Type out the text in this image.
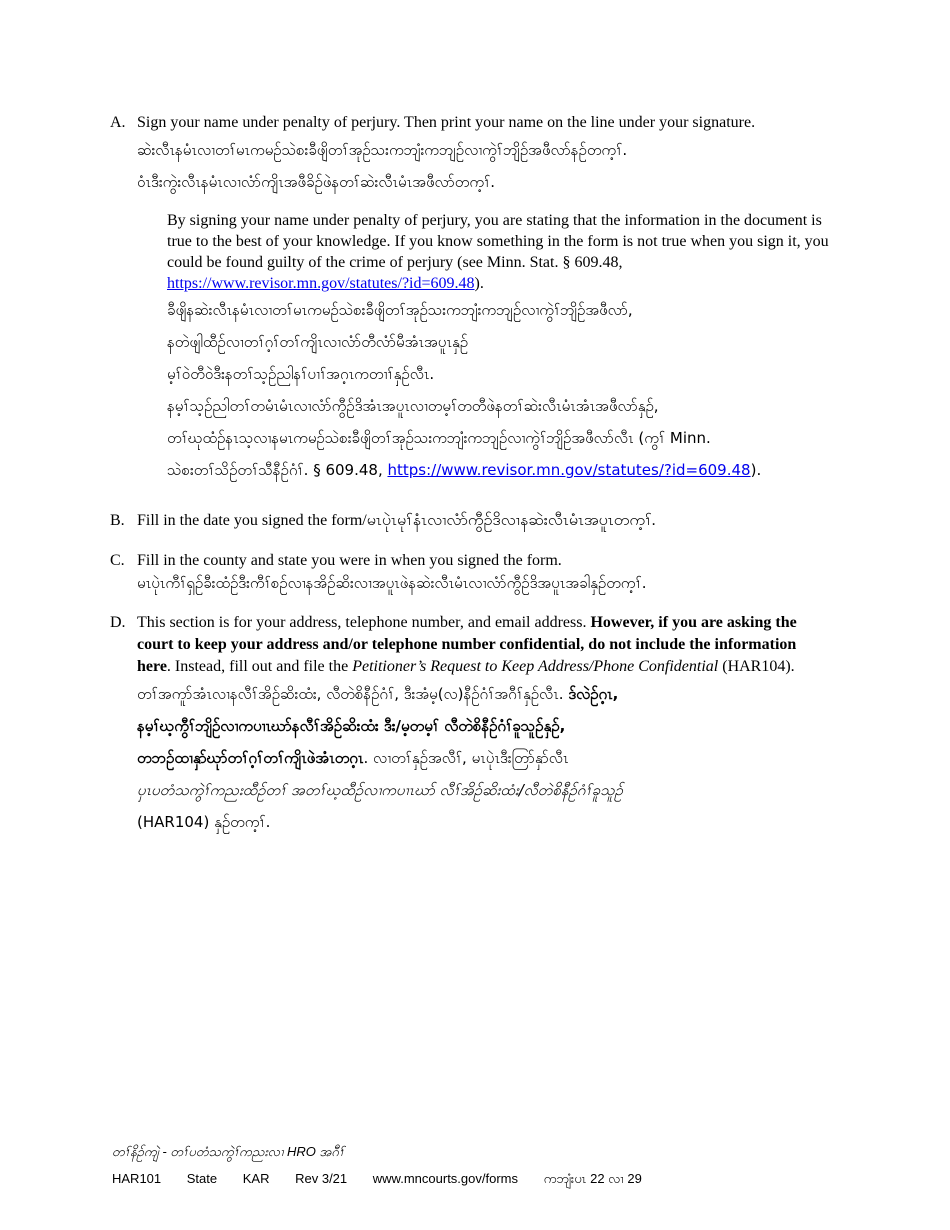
A. Sign your name under penalty of perjury. Then print your name on the line under your signature.

ဆဲးလီၤနမံၤလၢတၢ်မၤကမဉ်သဲစးခီဖျိတၢ်အုဉ်သးကဘျံးကဘျဉ်လၢကွဲၢ်ဘျိဉ်အဖီလာ်နဉ်တက့ၢ်.

ဝံၤဒီးကွဲးလီၤနမံၤလၢလံာ်ကျိၤအဖီခိဉ်ဖဲနတၢ်ဆဲးလီၤမံၤအဖီလာ်တက့ၢ်.

By signing your name under penalty of perjury, you are stating that the information in the document is true to the best of your knowledge. If you know something in the form is not true when you sign it, you could be found guilty of the crime of perjury (see Minn. Stat. § 609.48, https://www.revisor.mn.gov/statutes/?id=609.48).

ခီဖျိနဆဲးလီၤနမံၤလၢတၢ်မၤကမဉ်သဲစးခီဖျိတၢ်အုဉ်သးကဘျံးကဘျဉ်လၢကွဲၢ်ဘျိဉ်အဖီလာ်,

နတဲဖျါထီဉ်လၢတၢ်ဂ့ၢ်တၢ်ကျိၤလၢလံာ်တီလံာ်မီအံၤအပူၤနှဉ်

မ့ၢ်ဝဲတီဝဲဒီးနတၢ်သ့ဉ်ညါနၢ်ပၢၢ်အဂ့ၤကတၢၢ်နှဉ်လီၤ.

နမ့ၢ်သ့ဉ်ညါတၢ်တမံၤမံၤလၢလံာ်ကွီဉ်ဒိအံၤအပူၤလၢတမ့ၢ်တတီဖဲနတၢ်ဆဲးလီၤမံၤအံၤအဖီလာ်နှဉ်,

တၢ်ဃုထံဉ်နၤသ့လၢနမၤကမဉ်သဲစးခီဖျိတၢ်အုဉ်သးကဘျံးကဘျဉ်လၢကွဲၢ်ဘျိဉ်အဖီလာ်လီၤ (ကွၢ် Minn.

သဲစးတၢ်သိဉ်တၢ်သီနီဉ်ဂံၢ်. § 609.48, https://www.revisor.mn.gov/statutes/?id=609.48).

B. Fill in the date you signed the form/မၤပုဲၤမုၢ်နံၤလၢလံာ်ကွီဉ်ဒိလၢနဆဲးလီၤမံၤအပူၤတက့ၢ်.

C. Fill in the county and state you were in when you signed the form.

မၤပုဲၤကီၢ်ရှဉ်ခီးထံဉ်ဒီးကီၢ်စဉ်လၢနအိဉ်ဆိးလၢအပူၤဖဲနဆဲးလီၤမံၤလၢလံာ်ကွီဉ်ဒိအပူၤအခါနှဉ်တက့ၢ်.

D. This section is for your address, telephone number, and email address. However, if you are asking the court to keep your address and/or telephone number confidential, do not include the information here. Instead, fill out and file the Petitioner’s Request to Keep Address/Phone Confidential (HAR104).

တၢ်အကူာ်အံၤလၢနလီၢ်အိဉ်ဆိးထံး, လီတဲစိနီဉ်ဂံၢ်, ဒီးအံမ့(လ)နီဉ်ဂံၢ်အဂီၢ်နှဉ်လီၤ. ဒ်လဲဉ်ဂ့ၤ,

နမ့ၢ်ဃ့ကွီၢ်ဘျိဉ်လၢကပၢၤဃာ်နလီၢ်အိဉ်ဆိးထံး ဒီး/မ့တမ့ၢ် လီတဲစိနီဉ်ဂံၢ်ခူသူဉ်နှဉ်,

တဘဉ်ထၢနှာ်ဃုာ်တၢ်ဂ့ၢ်တၢ်ကျိၤဖဲအံၤတဂ့ၤ. လၢတၢ်နှဉ်အလီၢ်, မၤပုဲၤဒီးတြာ်နှာ်လီၤ

ပှၤပတံသကွဲၢ်ကညးထီဉ်တၢ် အတၢ်ဃ့ထီဉ်လၢကပၢၤဃာ် လီၢ်အိဉ်ဆိးထံး/လီတဲစိနီဉ်ဂံၢ်ခူသူဉ်

(HAR104) နှဉ်တက့ၢ်.

တၢ်နိဉ်ကျဲ - တၢ်ပတံသကွဲၢ်ကညးလၢ HRO အဂီၢ်
HAR101 State KAR Rev 3/21 www.mncourts.gov/forms ကဘျံးပၤ 22 လၢ 29
